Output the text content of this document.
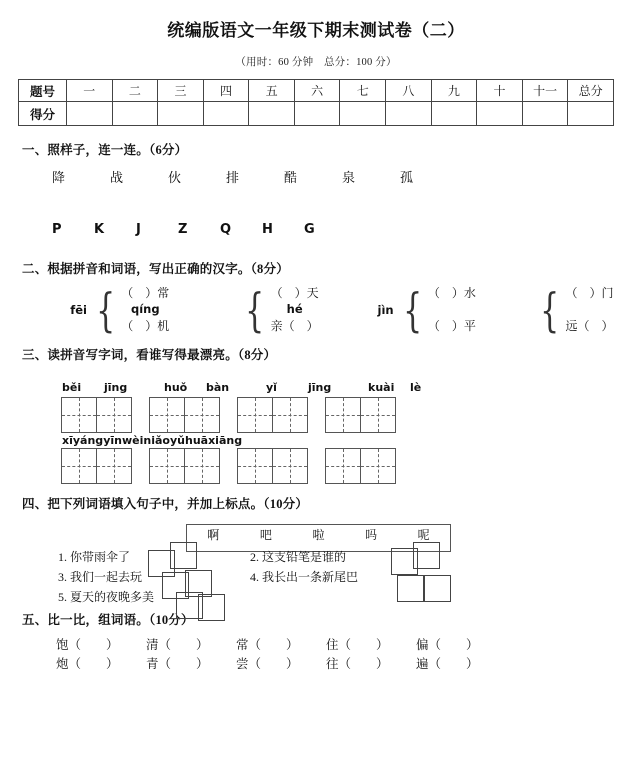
统编版语文一年级下期末测试卷（二）
（用时：60 分钟　总分：100 分）
题号	一	二	三	四	五	六	七	八	九	十	十一	总分
得分												
一、照样子，连一连。（6分）
降	战	伙	排	酷	泉	孤
P	K	J	Z	Q	H	G
二、根据拼音和词语，写出正确的汉字。（8分）
fēi { （　）常
qíng
（　）机 { （　）天
hé
亲（　）
jìn { （　）水
（　）平 { （　）门
远（　）
三、读拼音写字词，看谁写得最漂亮。（8分）
běi	jīng	huǒ	bàn	yǐ	jīng	kuài	lè
xīyáng yīnwèi niǎoyǔ huāxiāng
四、把下列词语填入句子中，并加上标点。（10分）
啊	吧	啦	吗	呢
1. 你带雨伞了
3. 我们一起去玩
5. 夏天的夜晚多美
2. 这支铅笔是谁的
4. 我长出一条新尾巴
五、比一比，组词语。（10分）
饱（　　）	清（　　）	常（　　）	住（　　）	偏（　　）
炮（　　）	青（　　）	尝（　　）	往（　　）	遍（　　）
